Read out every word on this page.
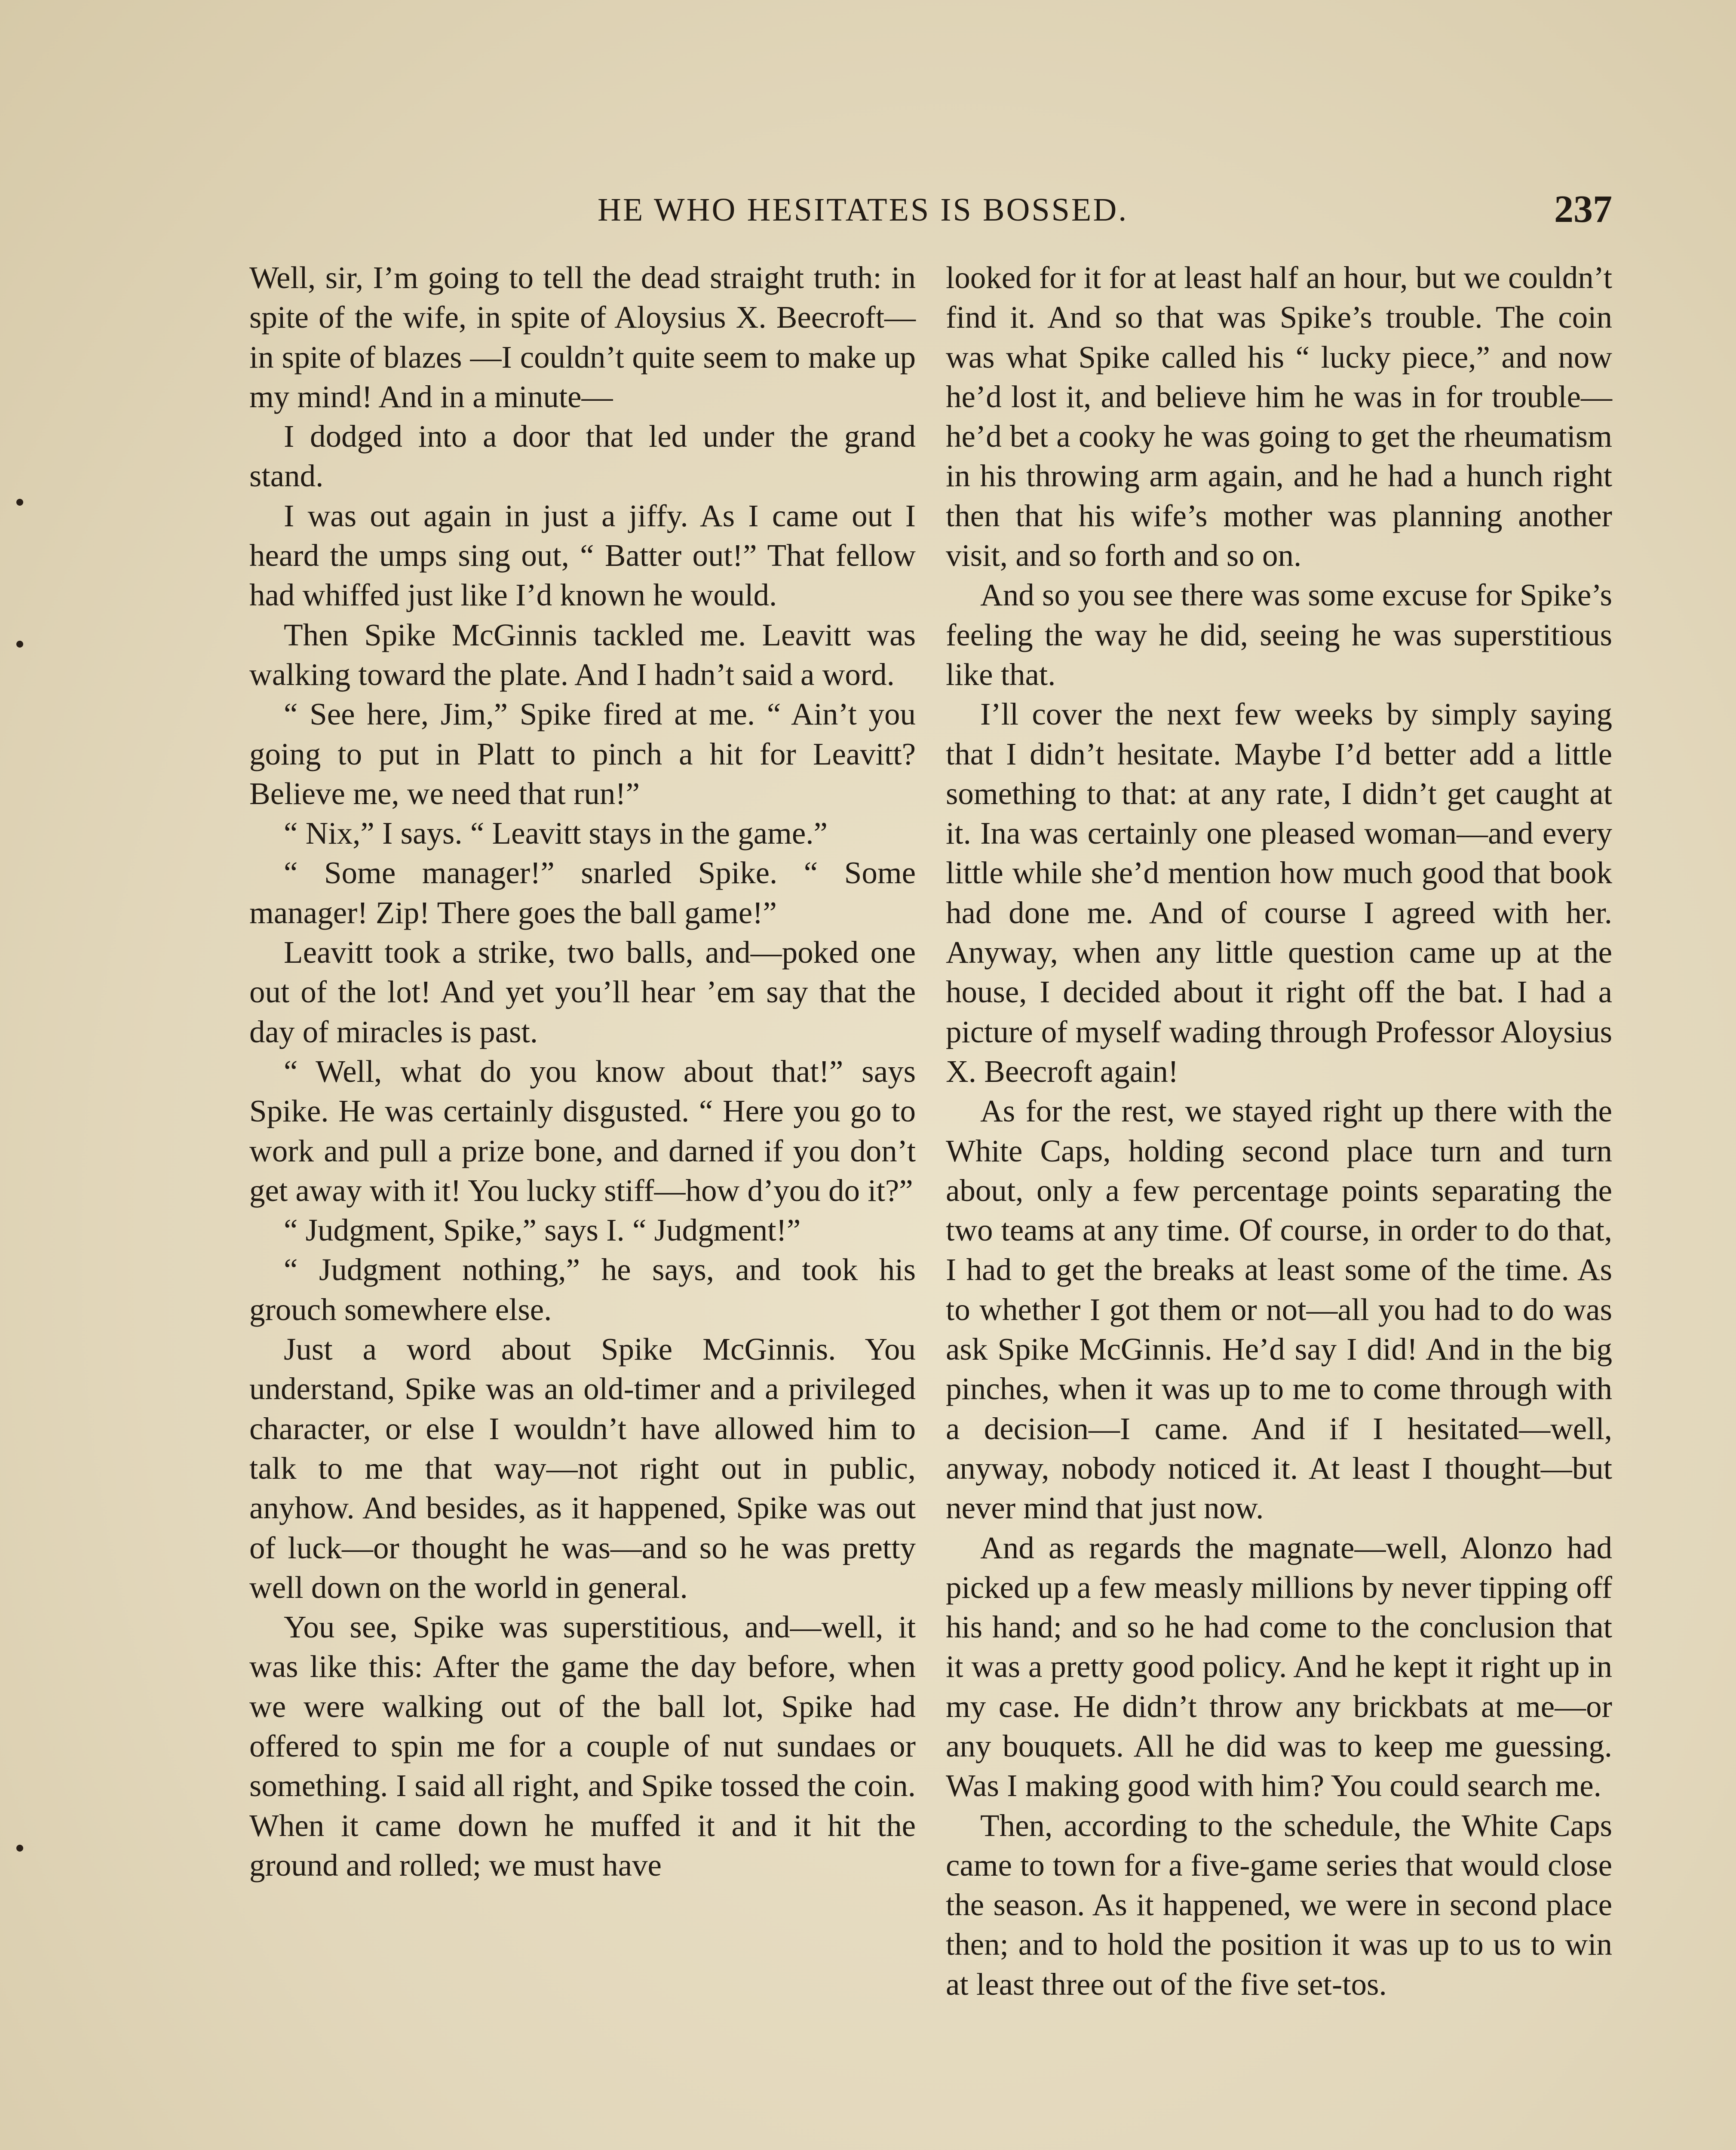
HE WHO HESITATES IS BOSSED.	237

Well, sir, I’m going to tell the dead straight truth: in spite of the wife, in spite of Aloysius X. Beecroft—in spite of blazes —I couldn’t quite seem to make up my mind! And in a minute—

I dodged into a door that led under the grand stand.

I was out again in just a jiffy. As I came out I heard the umps sing out, “ Batter out!” That fellow had whiffed just like I’d known he would.

Then Spike McGinnis tackled me. Leavitt was walking toward the plate. And I hadn’t said a word.

“ See here, Jim,” Spike fired at me. “ Ain’t you going to put in Platt to pinch a hit for Leavitt? Believe me, we need that run!”

“ Nix,” I says. “ Leavitt stays in the game.”

“ Some manager!” snarled Spike. “ Some manager! Zip! There goes the ball game!”

Leavitt took a strike, two balls, and—poked one out of the lot! And yet you’ll hear ’em say that the day of miracles is past.

“ Well, what do you know about that!” says Spike. He was certainly disgusted. “ Here you go to work and pull a prize bone, and darned if you don’t get away with it! You lucky stiff—how d’you do it?”

“ Judgment, Spike,” says I. “ Judgment!”

“ Judgment nothing,” he says, and took his grouch somewhere else.

Just a word about Spike McGinnis. You understand, Spike was an old-timer and a privileged character, or else I wouldn’t have allowed him to talk to me that way—not right out in public, anyhow. And besides, as it happened, Spike was out of luck—or thought he was—and so he was pretty well down on the world in general.

You see, Spike was superstitious, and—well, it was like this: After the game the day before, when we were walking out of the ball lot, Spike had offered to spin me for a couple of nut sundaes or something. I said all right, and Spike tossed the coin. When it came down he muffed it and it hit the ground and rolled; we must have

looked for it for at least half an hour, but we couldn’t find it. And so that was Spike’s trouble. The coin was what Spike called his “ lucky piece,” and now he’d lost it, and believe him he was in for trouble—he’d bet a cooky he was going to get the rheumatism in his throwing arm again, and he had a hunch right then that his wife’s mother was planning another visit, and so forth and so on.

And so you see there was some excuse for Spike’s feeling the way he did, seeing he was superstitious like that.

I’ll cover the next few weeks by simply saying that I didn’t hesitate. Maybe I’d better add a little something to that: at any rate, I didn’t get caught at it. Ina was certainly one pleased woman—and every little while she’d mention how much good that book had done me. And of course I agreed with her. Anyway, when any little question came up at the house, I decided about it right off the bat. I had a picture of myself wading through Professor Aloysius X. Beecroft again!

As for the rest, we stayed right up there with the White Caps, holding second place turn and turn about, only a few percentage points separating the two teams at any time. Of course, in order to do that, I had to get the breaks at least some of the time. As to whether I got them or not—all you had to do was ask Spike McGinnis. He’d say I did! And in the big pinches, when it was up to me to come through with a decision—I came. And if I hesitated—well, anyway, nobody noticed it. At least I thought—but never mind that just now.

And as regards the magnate—well, Alonzo had picked up a few measly millions by never tipping off his hand; and so he had come to the conclusion that it was a pretty good policy. And he kept it right up in my case. He didn’t throw any brickbats at me—or any bouquets. All he did was to keep me guessing. Was I making good with him? You could search me.

Then, according to the schedule, the White Caps came to town for a five-game series that would close the season. As it happened, we were in second place then; and to hold the position it was up to us to win at least three out of the five set-tos.
